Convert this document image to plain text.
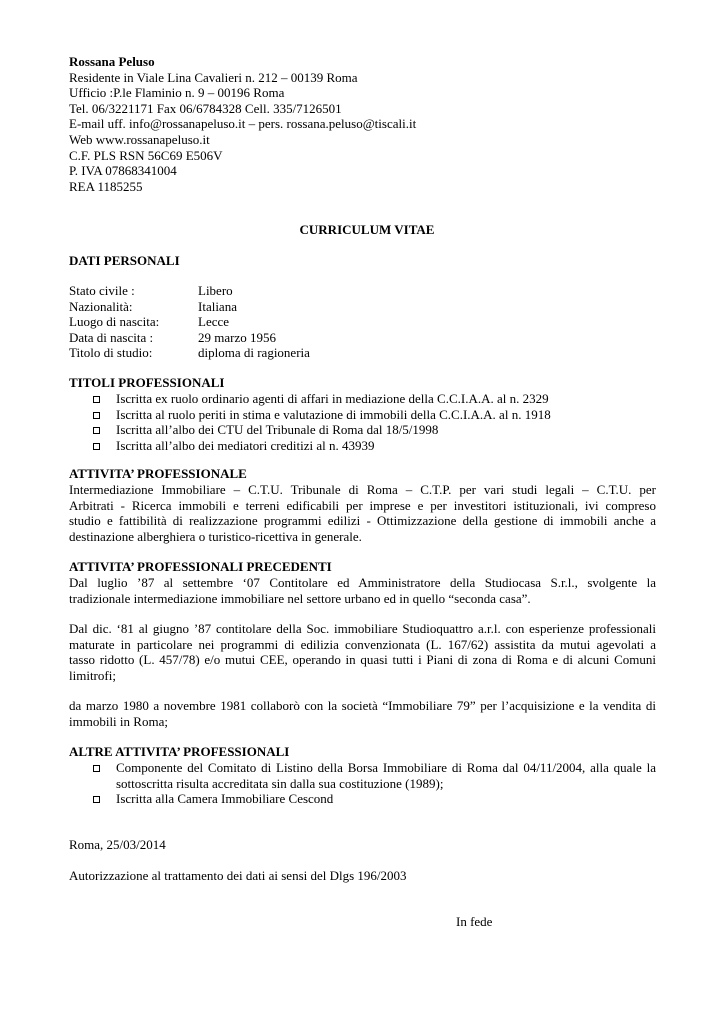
Rossana Peluso
Residente in Viale Lina Cavalieri n. 212 – 00139 Roma
Ufficio :P.le Flaminio n. 9 – 00196 Roma
Tel. 06/3221171 Fax 06/6784328 Cell. 335/7126501
E-mail uff. info@rossanapeluso.it – pers. rossana.peluso@tiscali.it
Web www.rossanapeluso.it
C.F. PLS RSN 56C69 E506V
P. IVA 07868341004
REA 1185255
CURRICULUM VITAE
DATI PERSONALI
Stato civile :	Libero
Nazionalità:	Italiana
Luogo di nascita:	Lecce
Data di nascita :	29 marzo 1956
Titolo di studio:	diploma di ragioneria
TITOLI PROFESSIONALI
Iscritta ex ruolo ordinario agenti di affari in mediazione della C.C.I.A.A. al n. 2329
Iscritta al ruolo periti in stima e valutazione di immobili della C.C.I.A.A. al n. 1918
Iscritta all’albo dei CTU del Tribunale di Roma dal 18/5/1998
Iscritta all’albo dei mediatori creditizi al n. 43939
ATTIVITA’ PROFESSIONALE
Intermediazione Immobiliare – C.T.U. Tribunale di Roma – C.T.P. per vari studi legali – C.T.U. per
Arbitrati - Ricerca immobili e terreni edificabili per imprese e per investitori istituzionali, ivi compreso
studio e fattibilità di realizzazione programmi edilizi - Ottimizzazione della gestione di immobili anche a
destinazione alberghiera o turistico-ricettiva in generale.
ATTIVITA’ PROFESSIONALI PRECEDENTI
Dal luglio ’87 al settembre ‘07 Contitolare ed Amministratore della Studiocasa S.r.l., svolgente la
tradizionale intermediazione immobiliare nel settore urbano ed in quello “seconda casa”.
Dal dic. ‘81 al giugno ’87 contitolare della Soc. immobiliare Studioquattro a.r.l. con esperienze professionali
maturate in particolare nei programmi di edilizia convenzionata (L. 167/62) assistita da mutui agevolati a
tasso ridotto (L. 457/78) e/o mutui CEE, operando in quasi tutti i Piani di zona di Roma e di alcuni Comuni
limitrofi;
da marzo 1980 a novembre 1981 collaborò con la società “Immobiliare 79” per l’acquisizione e la vendita di
immobili in Roma;
ALTRE ATTIVITA’ PROFESSIONALI
Componente del Comitato di Listino della Borsa Immobiliare di Roma dal 04/11/2004, alla quale la
sottoscritta risulta accreditata sin dalla sua costituzione (1989);
Iscritta alla Camera Immobiliare Cescond
Roma, 25/03/2014
Autorizzazione al trattamento dei dati ai sensi del Dlgs 196/2003
In fede
